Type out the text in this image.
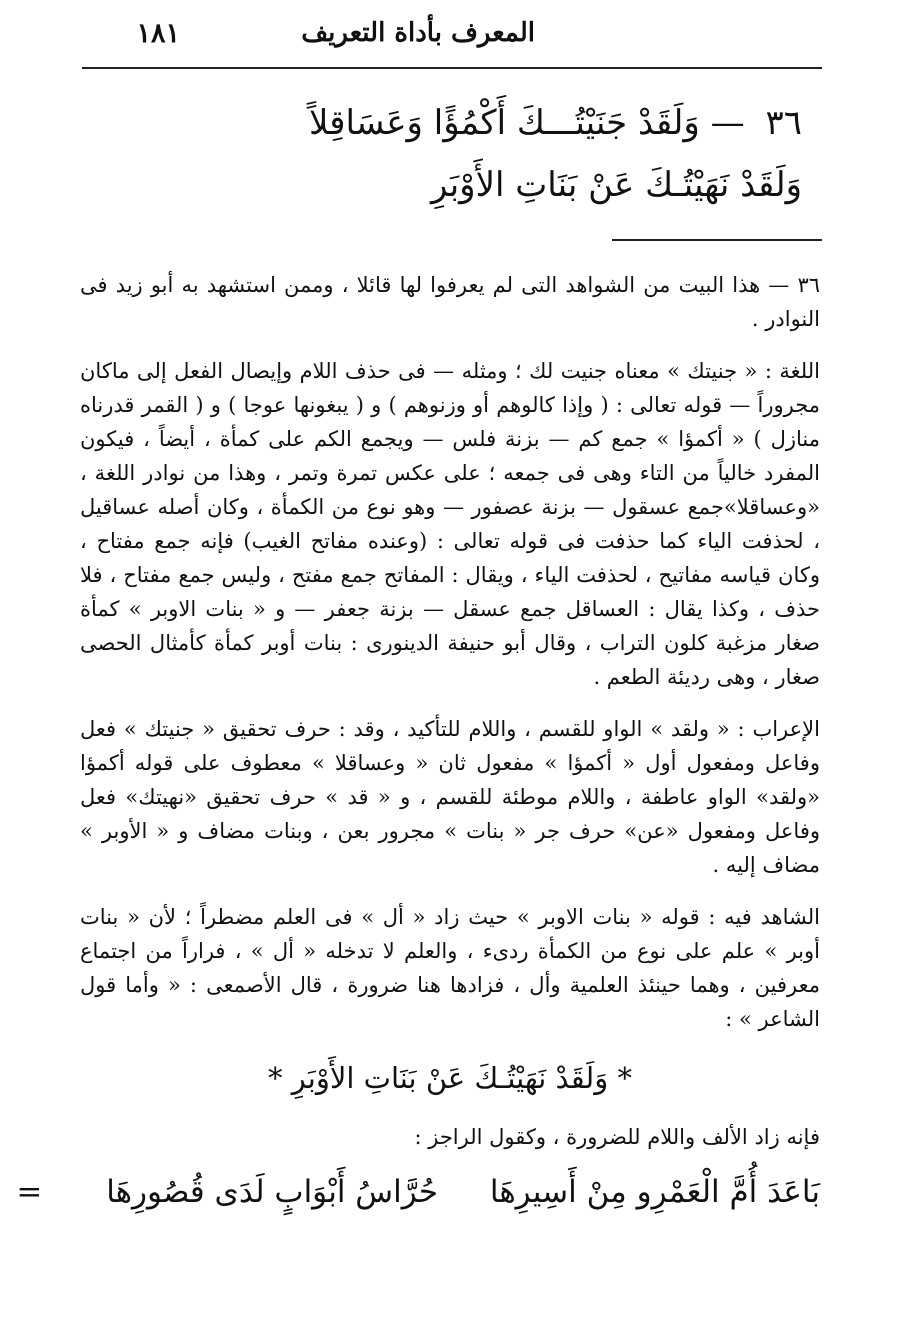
١٨١	المعرف بأداة التعريف
٣٦ — وَلَقَدْ جَنَيْتُـــكَ أَكْمُؤًا وَعَسَاقِلاً
وَلَقَدْ نَهَيْتُـكَ عَنْ بَنَاتِ الأَوْبَرِ

٣٦ — هذا البيت من الشواهد التى لم يعرفوا لها قائلا ، وممن استشهد به أبو زيد فى النوادر .

اللغة : « جنيتك » معناه جنيت لك ؛ ومثله — فى حذف اللام وإيصال الفعل إلى ماكان مجروراً — قوله تعالى : ( وإذا كالوهم أو وزنوهم ) و ( يبغونها عوجا ) و ( القمر قدرناه منازل ) « أكمؤا » جمع كم — بزنة فلس — ويجمع الكم على كمأة ، أيضاً ، فيكون المفرد خالياً من التاء وهى فى جمعه ؛ على عكس تمرة وتمر ، وهذا من نوادر اللغة ، «وعساقلا»جمع عسقول — بزنة عصفور — وهو نوع من الكمأة ، وكان أصله عساقيل ، لحذفت الياء كما حذفت فى قوله تعالى : (وعنده مفاتح الغيب) فإنه جمع مفتاح ، وكان قياسه مفاتيح ، لحذفت الياء ، ويقال : المفاتح جمع مفتح ، وليس جمع مفتاح ، فلا حذف ، وكذا يقال : العساقل جمع عسقل — بزنة جعفر — و « بنات الاوبر » كمأة صغار مزغبة كلون التراب ، وقال أبو حنيفة الدينورى : بنات أوبر كمأة كأمثال الحصى صغار ، وهى رديئة الطعم .

الإعراب : « ولقد » الواو للقسم ، واللام للتأكيد ، وقد : حرف تحقيق « جنيتك » فعل وفاعل ومفعول أول « أكمؤا » مفعول ثان « وعساقلا » معطوف على قوله أكمؤا «ولقد» الواو عاطفة ، واللام موطئة للقسم ، و « قد » حرف تحقيق «نهيتك» فعل وفاعل ومفعول «عن» حرف جر « بنات » مجرور بعن ، وبنات مضاف و « الأوبر » مضاف إليه .

الشاهد فيه : قوله « بنات الاوبر » حيث زاد « أل » فى العلم مضطراً ؛ لأن « بنات أوبر » علم على نوع من الكمأة ردىء ، والعلم لا تدخله « أل » ، فراراً من اجتماع معرفين ، وهما حينئذ العلمية وأل ، فزادها هنا ضرورة ، قال الأصمعى : « وأما قول الشاعر » :

* وَلَقَدْ نَهَيْتُـكَ عَنْ بَنَاتِ الأَوْبَرِ *

فإنه زاد الألف واللام للضرورة ، وكقول الراجز :

بَاعَدَ أُمَّ الْعَمْرِو مِنْ أَسِيرِهَا حُرَّاسُ أَبْوَابٍ لَدَى قُصُورِهَا =
